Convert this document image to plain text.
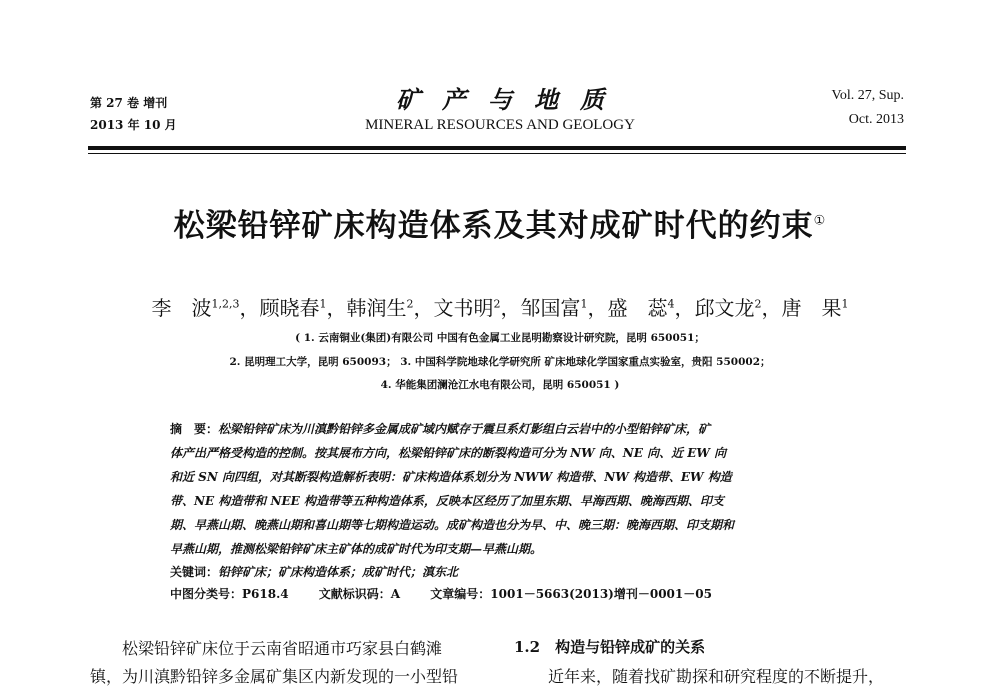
第 27 卷 增刊
2013 年 10 月
矿产与地质
MINERAL RESOURCES AND GEOLOGY
Vol. 27, Sup.
Oct. 2013
松梁铅锌矿床构造体系及其对成矿时代的约束①
李　波$^{1,2,3}$，顾晓春$^1$，韩润生$^2$，文书明$^2$，邹国富$^1$，盛　蕊$^4$，邱文龙$^2$，唐　果$^1$
( 1. 云南铜业(集团)有限公司 中国有色金属工业昆明勘察设计研究院，昆明 650051；
2. 昆明理工大学，昆明 650093； 3. 中国科学院地球化学研究所 矿床地球化学国家重点实验室，贵阳 550002；
4. 华能集团澜沧江水电有限公司，昆明 650051 )
摘　要：松梁铅锌矿床为川滇黔铅锌多金属成矿域内赋存于震旦系灯影组白云岩中的小型铅锌矿床，矿
体产出严格受构造的控制。按其展布方向，松梁铅锌矿床的断裂构造可分为 NW 向、NE 向、近 EW 向
和近 SN 向四组，对其断裂构造解析表明：矿床构造体系划分为 NWW 构造带、NW 构造带、EW 构造
带、NE 构造带和 NEE 构造带等五种构造体系，反映本区经历了加里东期、早海西期、晚海西期、印支
期、早燕山期、晚燕山期和喜山期等七期构造运动。成矿构造也分为早、中、晚三期：晚海西期、印支期和
早燕山期，推测松梁铅锌矿床主矿体的成矿时代为印支期—早燕山期。
关键词：铅锌矿床；矿床构造体系；成矿时代；滇东北
中图分类号：P618.4	文献标识码：A	文章编号：1001－5663(2013)增刊－0001－05
松梁铅锌矿床位于云南省昭通市巧家县白鹤滩
镇，为川滇黔铅锌多金属矿集区内新发现的一小型铅
1.2　构造与铅锌成矿的关系
近年来，随着找矿勘探和研究程度的不断提升，
